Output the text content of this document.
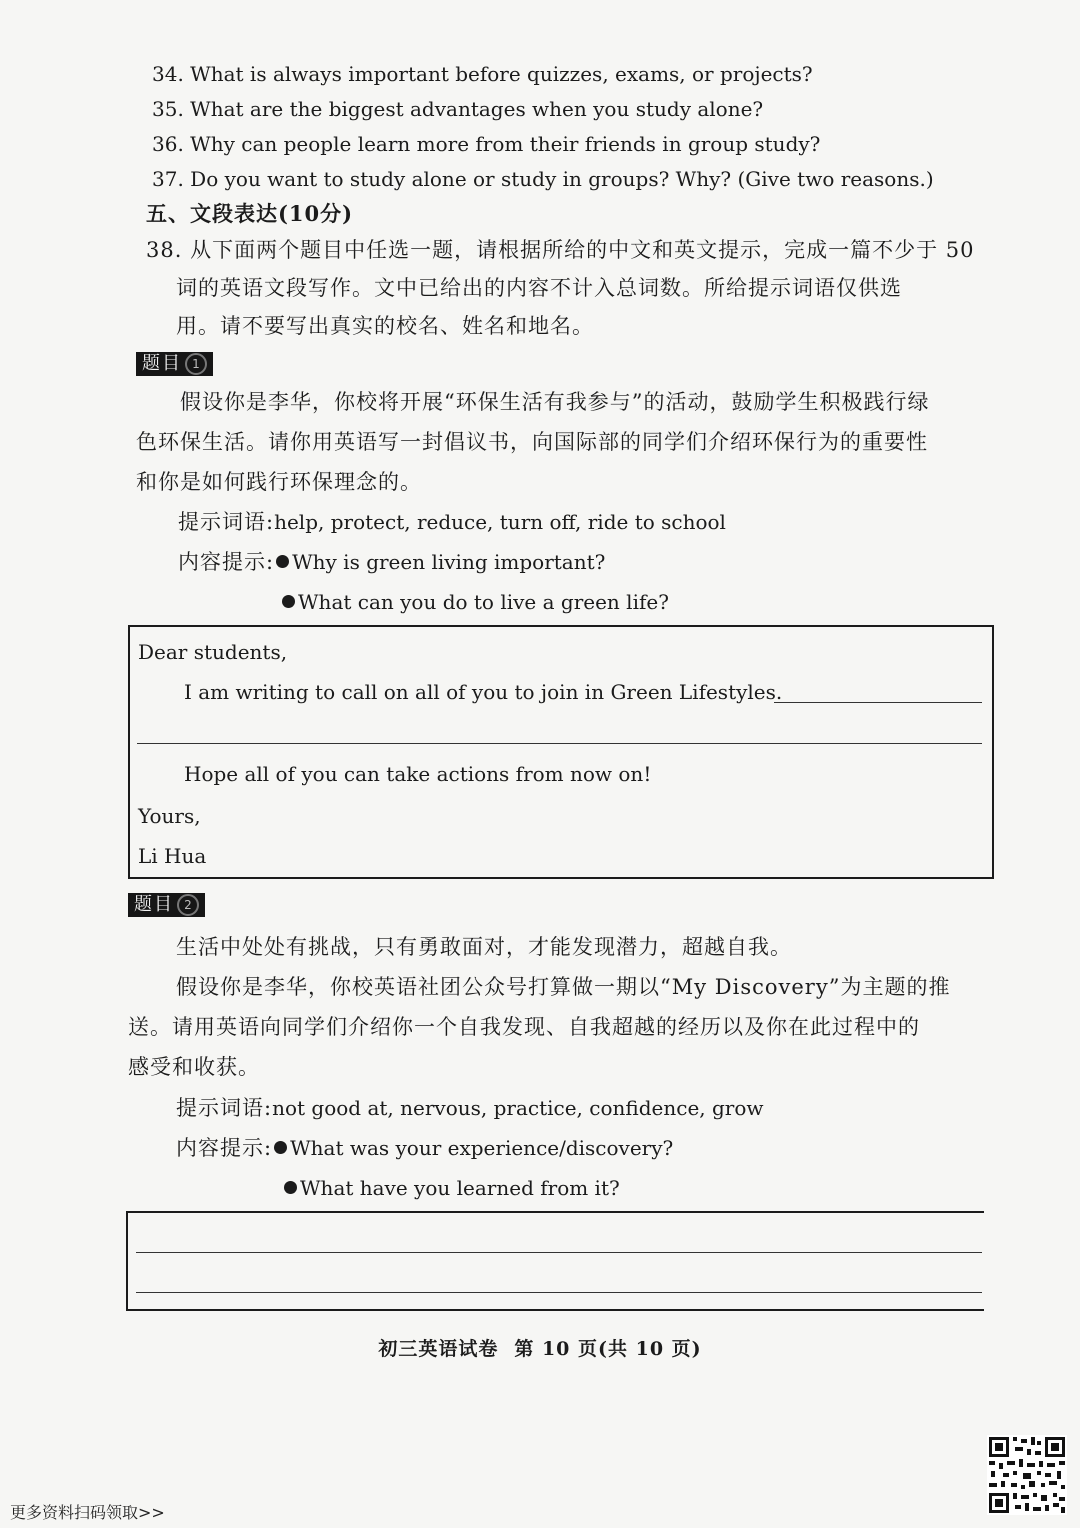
34. What is always important before quizzes, exams, or projects?
35. What are the biggest advantages when you study alone?
36. Why can people learn more from their friends in group study?
37. Do you want to study alone or study in groups? Why? (Give two reasons.)
五、文段表达(10分)
38. 从下面两个题目中任选一题，请根据所给的中文和英文提示，完成一篇不少于 50
词的英语文段写作。文中已给出的内容不计入总词数。所给提示词语仅供选
用。请不要写出真实的校名、姓名和地名。
题目 1
假设你是李华，你校将开展“环保生活有我参与”的活动，鼓励学生积极践行绿
色环保生活。请你用英语写一封倡议书，向国际部的同学们介绍环保行为的重要性
和你是如何践行环保理念的。
提示词语:help, protect, reduce, turn off, ride to school
内容提示: Why is green living important?
What can you do to live a green life?
Dear students,
I am writing to call on all of you to join in Green Lifestyles.
Hope all of you can take actions from now on!
Yours,
Li Hua
题目 2
生活中处处有挑战，只有勇敢面对，才能发现潜力，超越自我。
假设你是李华，你校英语社团公众号打算做一期以“My Discovery”为主题的推
送。请用英语向同学们介绍你一个自我发现、自我超越的经历以及你在此过程中的
感受和收获。
提示词语:not good at, nervous, practice, confidence, grow
内容提示: What was your experience/discovery?
What have you learned from it?
初三英语试卷 第 10 页(共 10 页)
更多资料扫码领取>>
